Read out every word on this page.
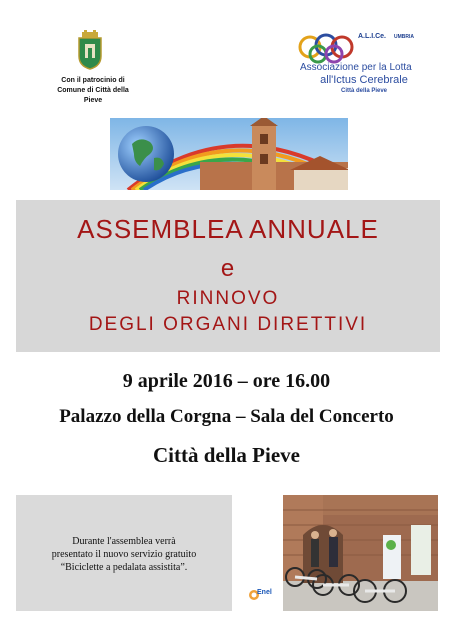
Con il patrocinio di
Comune di Città della Pieve
A.L.I.Ce. UMBRIA
Associazione per la Lotta
all'Ictus Cerebrale
Città della Pieve
ASSEMBLEA ANNUALE
e
RINNOVO
DEGLI ORGANI DIRETTIVI
9 aprile 2016 – ore 16.00
Palazzo della Corgna – Sala del Concerto
Città della Pieve
Durante l'assemblea verrà
presentato il nuovo servizio gratuito
“Biciclette a pedalata assistita”.
Enel
